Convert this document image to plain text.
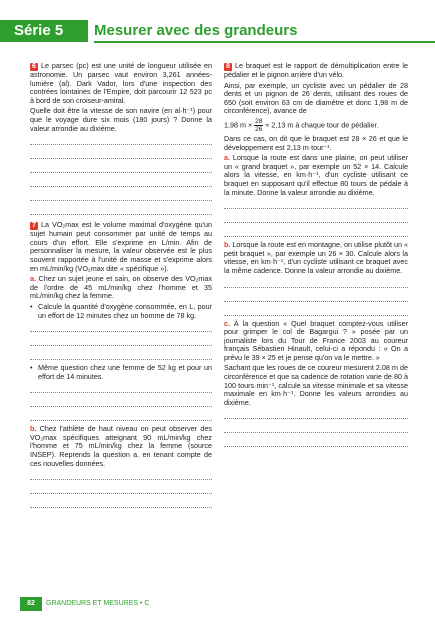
Série 5	Mesurer avec des grandeurs

6 Le parsec (pc) est une unité de longueur utilisée en astronomie. Un parsec vaut environ 3,261 années-lumière (al). Dark Vador, lors d'une inspection des contrées lointaines de l'Empire, doit parcourir 12 523 pc à bord de son croiseur-amiral.

Quelle doit être la vitesse de son navire (en al·h⁻¹) pour que le voyage dure six mois (180 jours) ? Donne la valeur arrondie au dixième.

7 La VO₂max est le volume maximal d'oxygène qu'un sujet humain peut consommer par unité de temps au cours d'un effort. Elle s'exprime en L/min. Afin de personnaliser la mesure, la valeur observée est le plus souvent rapportée à l'unité de masse et s'exprime alors en mL/min/kg (VO₂max dite « spécifique »).

a. Chez un sujet jeune et sain, on observe des VO₂max de l'ordre de 45 mL/min/kg chez l'homme et 35 mL/min/kg chez la femme.

• Calcule la quantité d'oxygène consommée, en L, pour un effort de 12 minutes chez un homme de 78 kg.

• Même question chez une femme de 52 kg et pour un effort de 14 minutes.

b. Chez l'athlète de haut niveau on peut observer des VO₂max spécifiques atteignant 90 mL/min/kg chez l'homme et 75 mL/min/kg chez la femme (source INSEP). Reprends la question a. en tenant compte de ces nouvelles données.

8 Le braquet est le rapport de démultiplication entre le pédalier et le pignon arrière d'un vélo.

Ainsi, par exemple, un cycliste avec un pédalier de 28 dents et un pignon de 26 dents, utilisant des roues de 650 (soit environ 63 cm de diamètre et donc 1,98 m de circonférence), avance de

1,98 $m \times \frac{28}{26} \approx 2,13$ m à chaque tour de pédalier.

Dans ce cas, on dit que le braquet est 28 × 26 et que le développement est 2,13 m·tour⁻¹.

a. Lorsque la route est dans une plaine, on peut utiliser un « grand braquet », par exemple un 52 × 14. Calcule alors la vitesse, en km·h⁻¹, d'un cycliste utilisant ce braquet en supposant qu'il effectue 80 tours de pédale à la minute. Donne la valeur arrondie au dixième.

b. Lorsque la route est en montagne, on utilise plutôt un « petit braquet », par exemple un 26 × 30. Calcule alors la vitesse, en km·h⁻¹, d'un cycliste utilisant ce braquet avec la même cadence. Donne la valeur arrondie au dixième.

c. À la question « Quel braquet comptez-vous utiliser pour grimper le col de Bagargui ? » posée par un journaliste lors du Tour de France 2003 au coureur français Sébastien Hinault, celui-ci a répondu : « On a prévu le 39 × 25 et je pense qu'on va le mettre. »

Sachant que les roues de ce coureur mesurent 2,08 m de circonférence et que sa cadence de rotation varie de 80 à 100 tours·min⁻¹, calcule sa vitesse minimale et sa vitesse maximale en km·h⁻¹. Donne les valeurs arrondies au dixième.

82	GRANDEURS ET MESURES • C
